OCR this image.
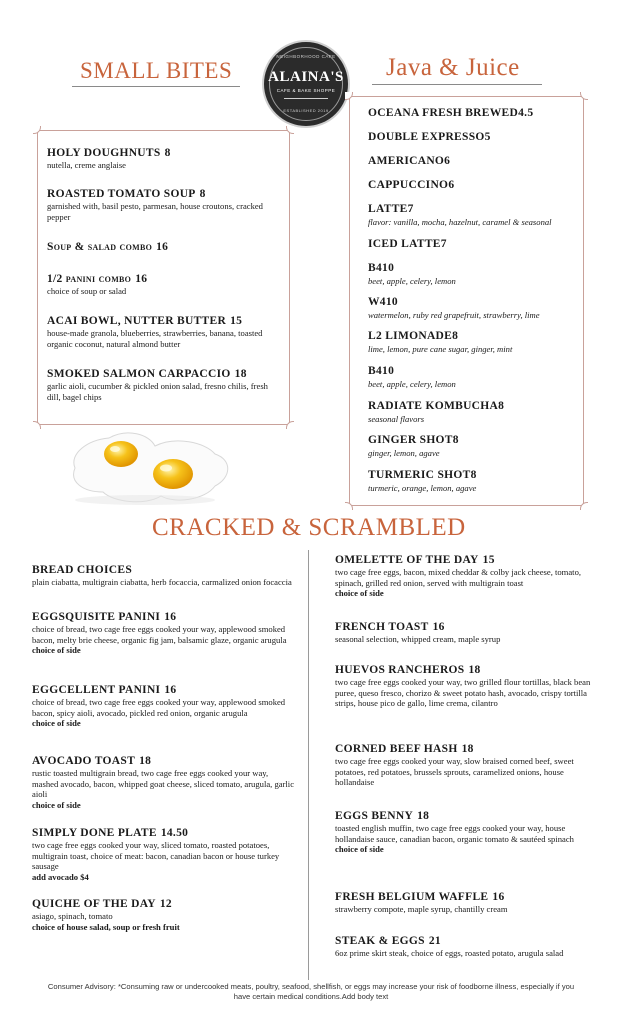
SMALL BITES
NEIGHBORHOOD CAFE
ALAINA'S
CAFE & BAKE SHOPPE
ESTABLISHED 2019
Java & Juice
CRACKED & SCRAMBLED
Consumer Advisory: *Consuming raw or undercooked meats, poultry, seafood, shellfish, or eggs may increase your risk of foodborne illness, especially if you have certain medical conditions.Add body text
HOLY DOUGHNUTS 8
nutella, creme anglaise
ROASTED TOMATO SOUP 8
garnished with, basil pesto, parmesan, house croutons, cracked pepper
Soup & salad combo 16
1/2 panini combo 16
choice of soup or salad
ACAI BOWL, NUTTER BUTTER 15
house-made granola, blueberries, strawberries, banana, toasted organic coconut, natural almond butter
SMOKED SALMON CARPACCIO 18
garlic aioli, cucumber & pickled onion salad, fresno chilis, fresh dill, bagel chips
OCEANA FRESH BREWED4.5
DOUBLE EXPRESSO5
AMERICANO6
CAPPUCCINO6
LATTE7
flavor: vanilla, mocha, hazelnut, caramel & seasonal
ICED LATTE7
B410
beet, apple, celery, lemon
W410
watermelon, ruby red grapefruit, strawberry, lime
L2 LIMONADE8
lime, lemon, pure cane sugar, ginger, mint
B410
beet, apple, celery, lemon
RADIATE KOMBUCHA8
seasonal flavors
GINGER SHOT8
ginger, lemon, agave
TURMERIC SHOT8
turmeric, orange, lemon, agave
BREAD CHOICES
plain ciabatta, multigrain ciabatta, herb focaccia, carmalized onion focaccia
EGGSQUISITE PANINI 16
choice of bread, two cage free eggs cooked your way, applewood smoked bacon, melty brie cheese, organic fig jam, balsamic glaze, organic arugula
choice of side
EGGCELLENT PANINI 16
choice of bread, two cage free eggs cooked your way, applewood smoked bacon, spicy aioli, avocado, pickled red onion, organic arugula
choice of side
AVOCADO TOAST 18
rustic toasted multigrain bread, two cage free eggs cooked your way, mashed avocado, bacon, whipped goat cheese, sliced tomato, arugula, garlic aioli
choice of side
SIMPLY DONE PLATE 14.50
two cage free eggs cooked your way, sliced tomato, roasted potatoes, multigrain toast, choice of meat: bacon, canadian bacon or house turkey sausage
add avocado $4
QUICHE OF THE DAY 12
asiago, spinach, tomato
choice of house salad, soup or fresh fruit
OMELETTE OF THE DAY 15
two cage free eggs, bacon, mixed cheddar & colby jack cheese, tomato, spinach, grilled red onion, served with multigrain toast
choice of side
FRENCH TOAST 16
seasonal selection, whipped cream, maple syrup
HUEVOS RANCHEROS 18
two cage free eggs cooked your way, two grilled flour tortillas, black bean puree, queso fresco, chorizo & sweet potato hash, avocado, crispy tortilla strips, house pico de gallo, lime crema, cilantro
CORNED BEEF HASH 18
two cage free eggs cooked your way, slow braised corned beef, sweet potatoes, red potatoes, brussels sprouts, caramelized onions, house hollandaise
EGGS BENNY 18
toasted english muffin, two cage free eggs cooked your way, house hollandaise sauce, canadian bacon, organic tomato & sautéed spinach
choice of side
FRESH BELGIUM WAFFLE 16
strawberry compote, maple syrup, chantilly cream
STEAK & EGGS 21
6oz prime skirt steak, choice of eggs, roasted potato, arugula salad
